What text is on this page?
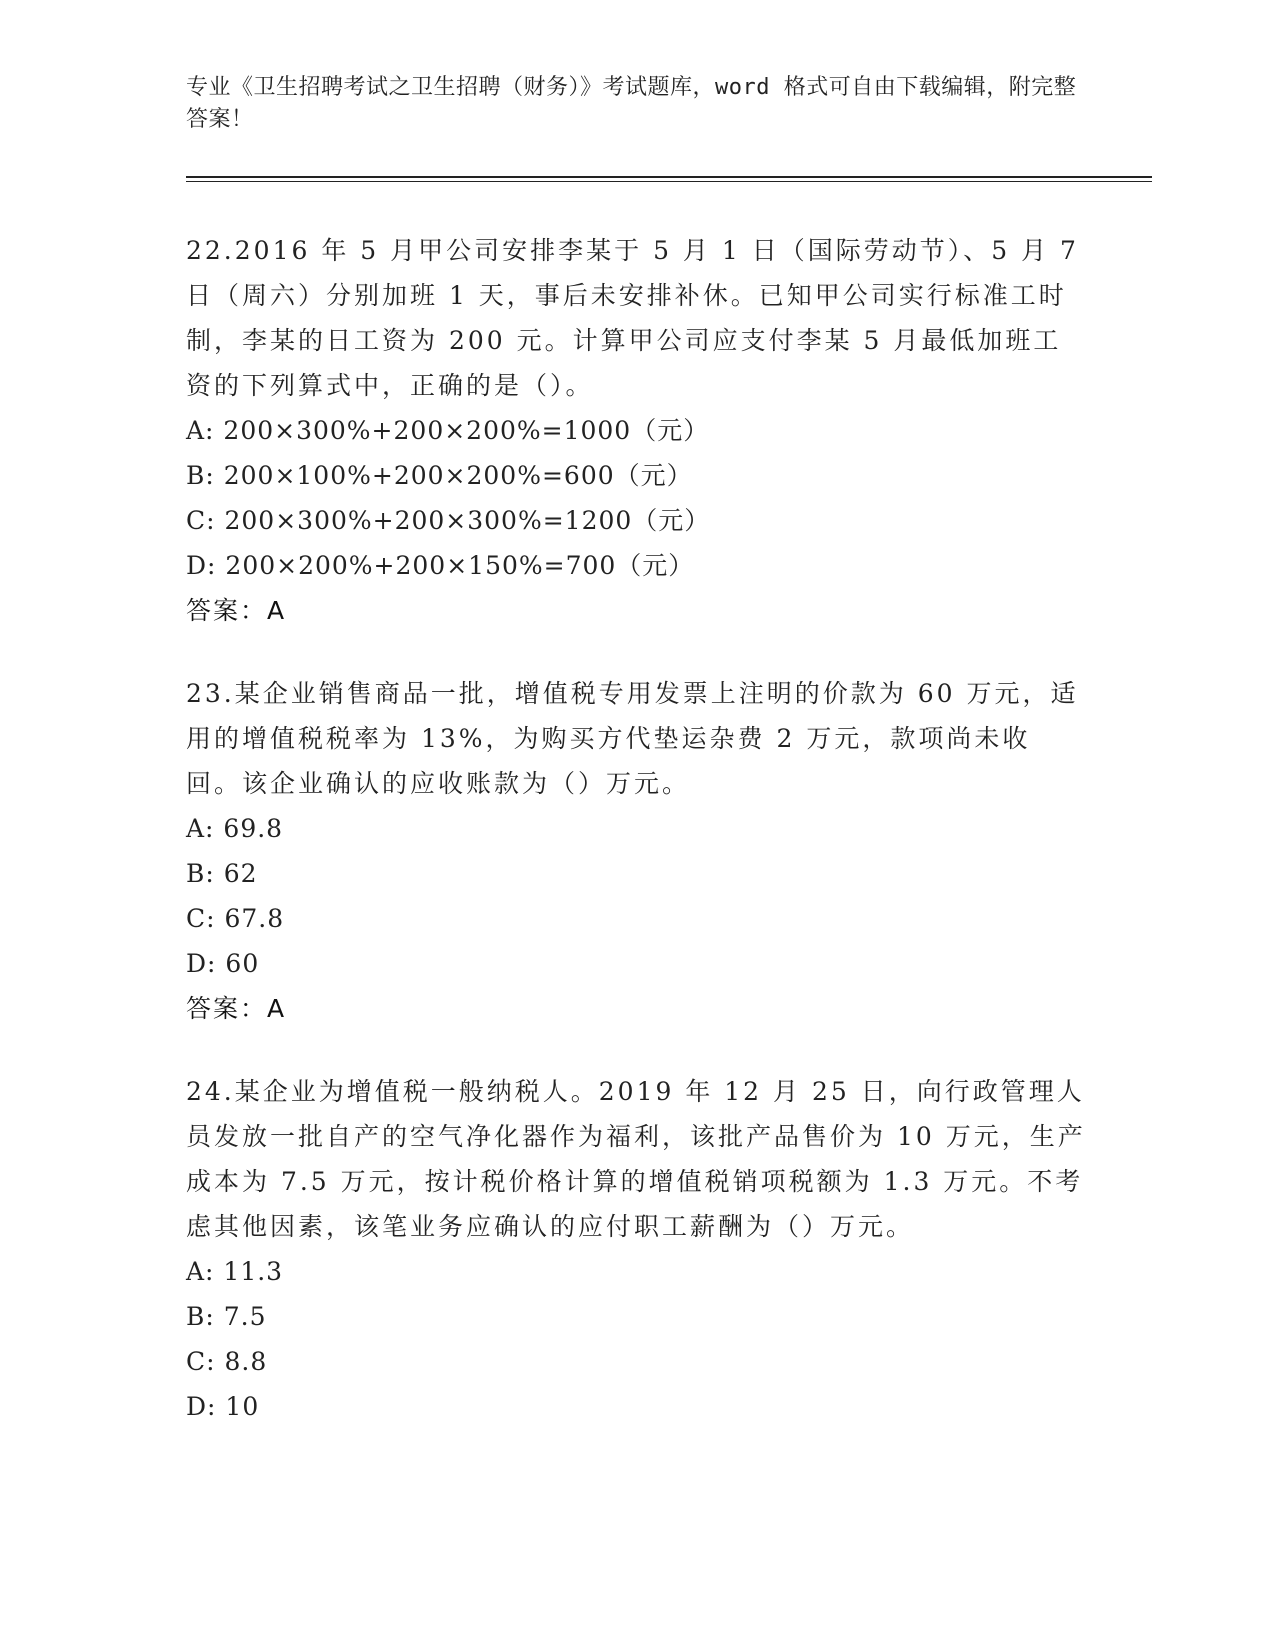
专业《卫生招聘考试之卫生招聘（财务）》考试题库，word 格式可自由下载编辑，附完整答案！

22.2016 年 5 月甲公司安排李某于 5 月 1 日（国际劳动节）、5 月 7 日（周六）分别加班 1 天，事后未安排补休。已知甲公司实行标准工时制，李某的日工资为 200 元。计算甲公司应支付李某 5 月最低加班工资的下列算式中，正确的是（）。

A: 200×300%+200×200%=1000（元）

B: 200×100%+200×200%=600（元）

C: 200×300%+200×300%=1200（元）

D: 200×200%+200×150%=700（元）

答案：A

23.某企业销售商品一批，增值税专用发票上注明的价款为 60 万元，适用的增值税税率为 13%，为购买方代垫运杂费 2 万元，款项尚未收回。该企业确认的应收账款为（）万元。

A: 69.8

B: 62

C: 67.8

D: 60

答案：A

24.某企业为增值税一般纳税人。2019 年 12 月 25 日，向行政管理人员发放一批自产的空气净化器作为福利，该批产品售价为 10 万元，生产成本为 7.5 万元，按计税价格计算的增值税销项税额为 1.3 万元。不考虑其他因素，该笔业务应确认的应付职工薪酬为（）万元。

A: 11.3

B: 7.5

C: 8.8

D: 10
